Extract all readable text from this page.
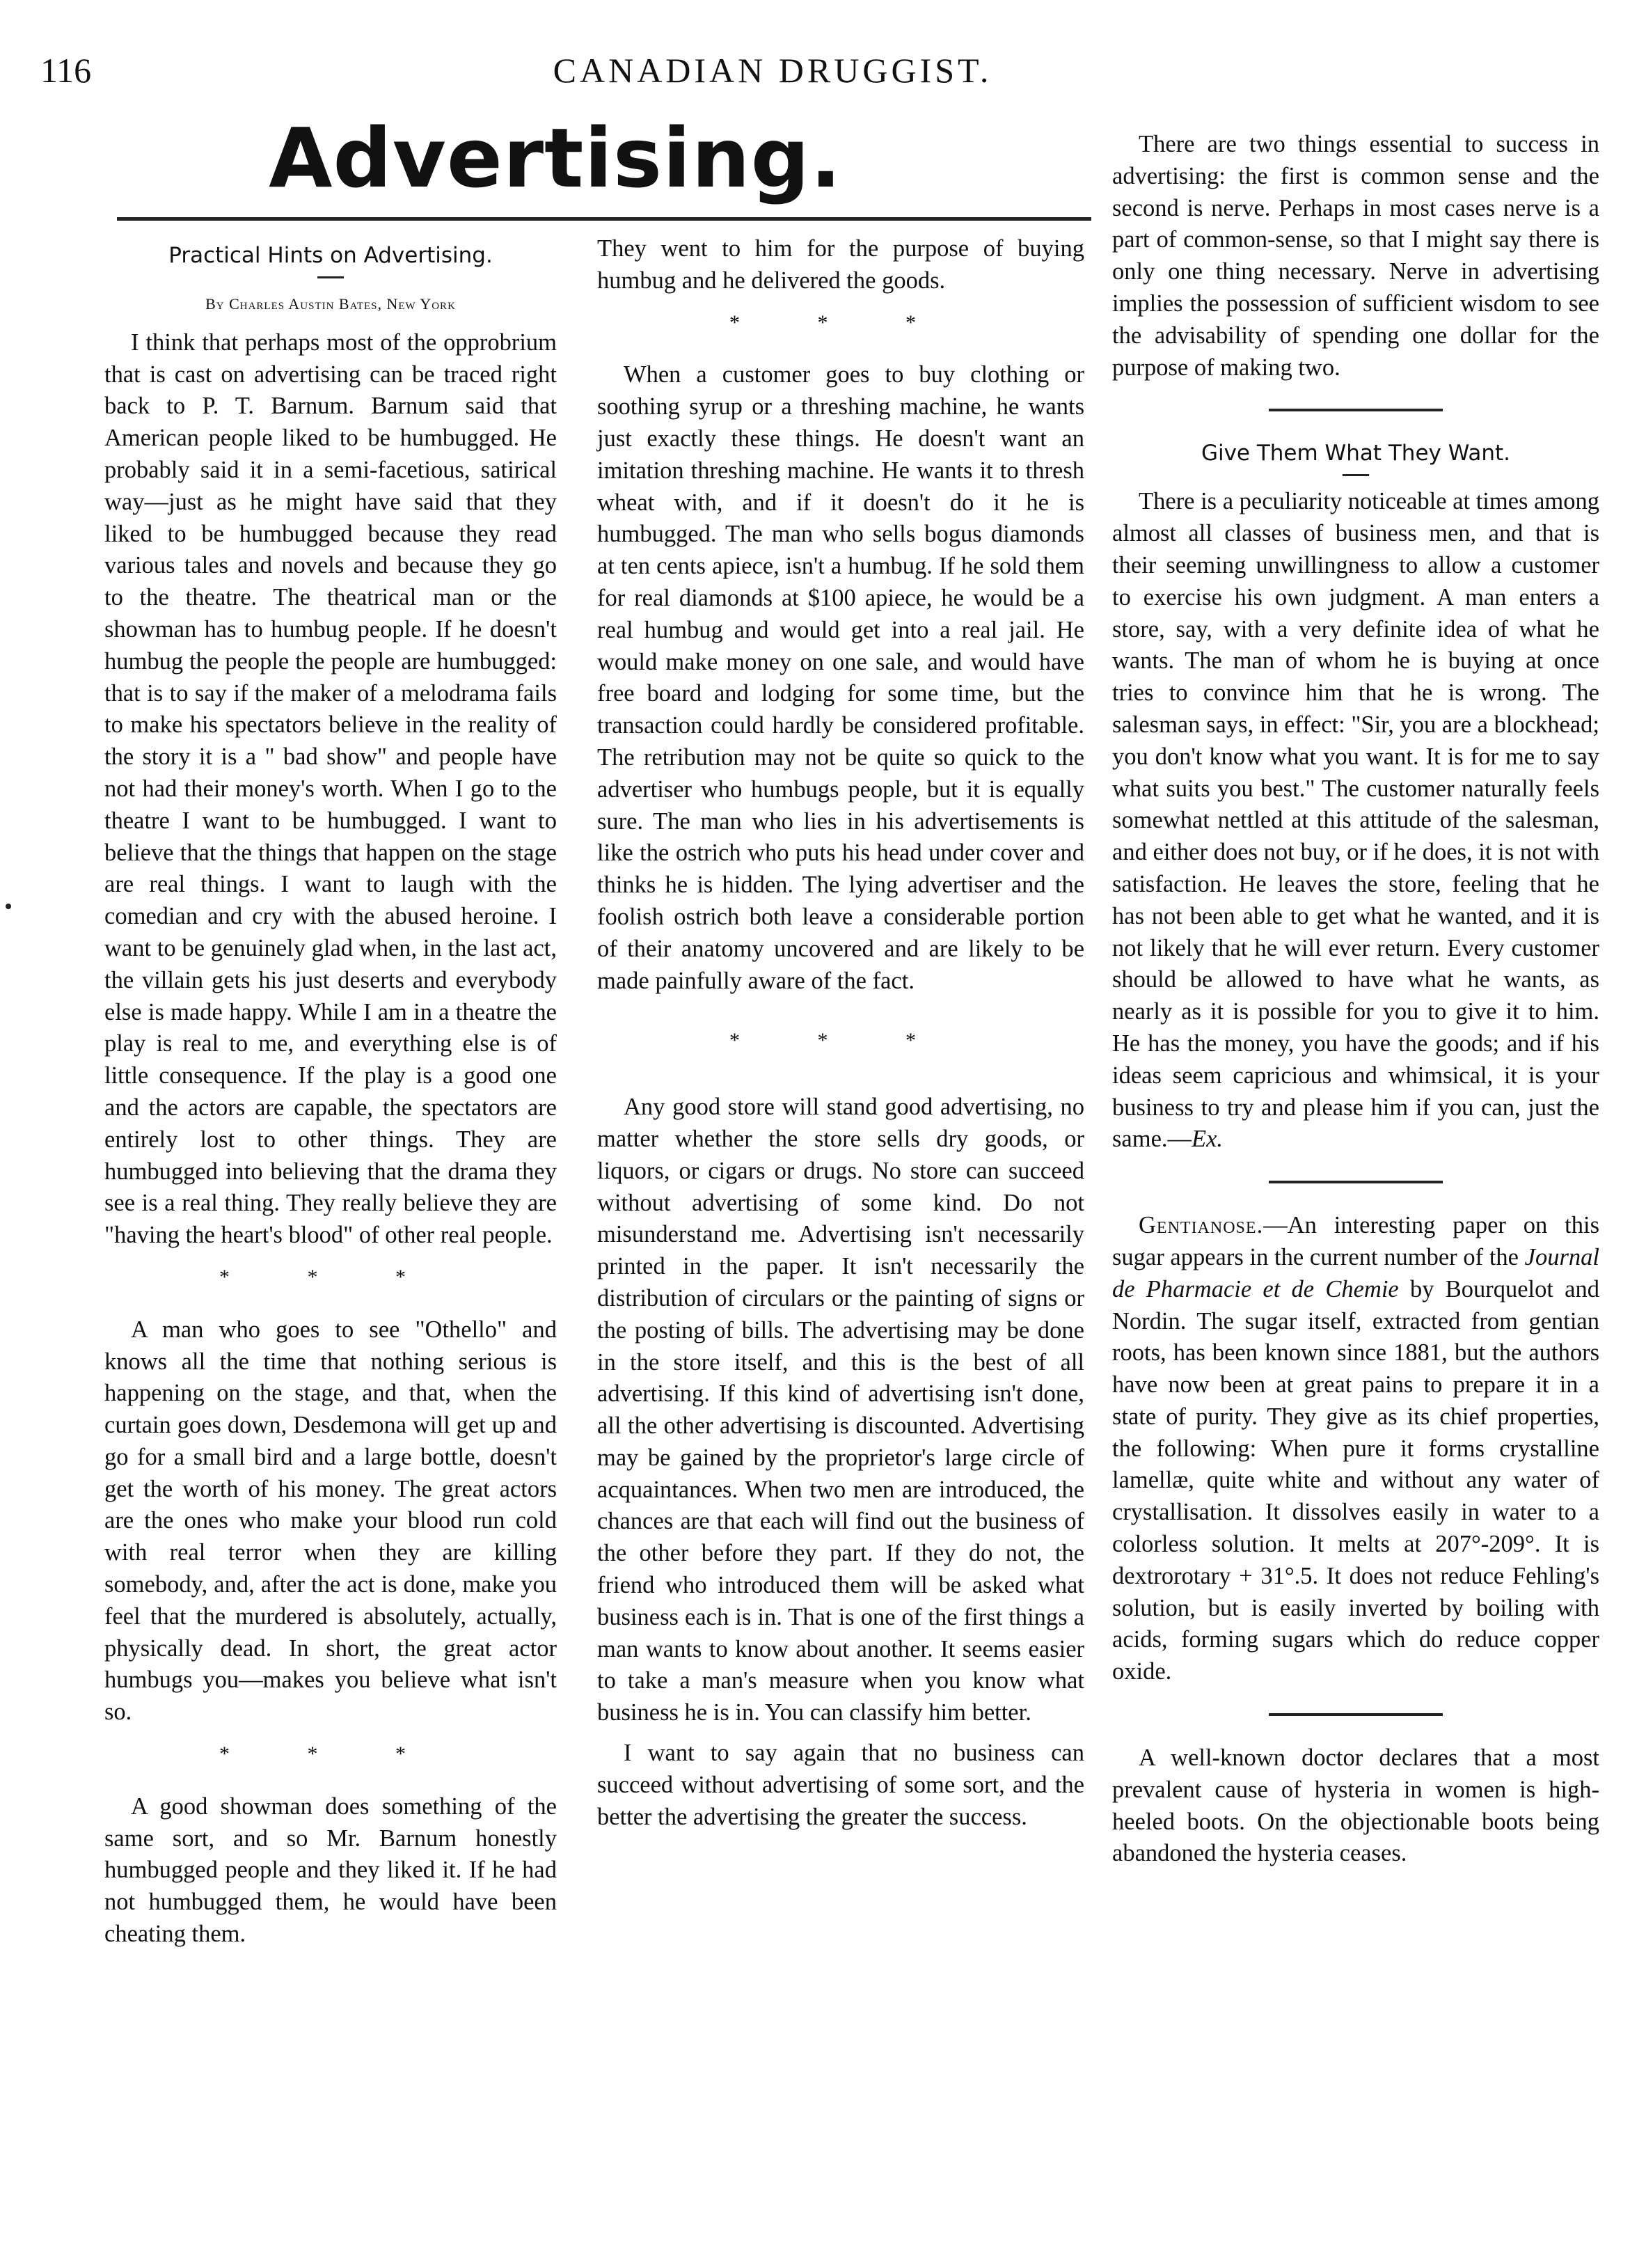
116	CANADIAN DRUGGIST.
Advertising.
Practical Hints on Advertising.
By Charles Austin Bates, New York

I think that perhaps most of the opprobrium that is cast on advertising can be traced right back to P. T. Barnum. Barnum said that American people liked to be humbugged. He probably said it in a semi-facetious, satirical way—just as he might have said that they liked to be humbugged because they read various tales and novels and because they go to the theatre. The theatrical man or the showman has to humbug people. If he doesn't humbug the people the people are humbugged: that is to say if the maker of a melodrama fails to make his spectators believe in the reality of the story it is a " bad show" and people have not had their money's worth. When I go to the theatre I want to be humbugged. I want to believe that the things that happen on the stage are real things. I want to laugh with the comedian and cry with the abused heroine. I want to be genuinely glad when, in the last act, the villain gets his just deserts and everybody else is made happy. While I am in a theatre the play is real to me, and everything else is of little consequence. If the play is a good one and the actors are capable, the spectators are entirely lost to other things. They are humbugged into believing that the drama they see is a real thing. They really believe they are "having the heart's blood" of other real people.

* * *

A man who goes to see "Othello" and knows all the time that nothing serious is happening on the stage, and that, when the curtain goes down, Desdemona will get up and go for a small bird and a large bottle, doesn't get the worth of his money. The great actors are the ones who make your blood run cold with real terror when they are killing somebody, and, after the act is done, make you feel that the murdered is absolutely, actually, physically dead. In short, the great actor humbugs you—makes you believe what isn't so.

* * *

A good showman does something of the same sort, and so Mr. Barnum honestly humbugged people and they liked it. If he had not humbugged them, he would have been cheating them.

They went to him for the purpose of buying humbug and he delivered the goods.

* * *

When a customer goes to buy clothing or soothing syrup or a threshing machine, he wants just exactly these things. He doesn't want an imitation threshing machine. He wants it to thresh wheat with, and if it doesn't do it he is humbugged. The man who sells bogus diamonds at ten cents apiece, isn't a humbug. If he sold them for real diamonds at $100 apiece, he would be a real humbug and would get into a real jail. He would make money on one sale, and would have free board and lodging for some time, but the transaction could hardly be considered profitable. The retribution may not be quite so quick to the advertiser who humbugs people, but it is equally sure. The man who lies in his advertisements is like the ostrich who puts his head under cover and thinks he is hidden. The lying advertiser and the foolish ostrich both leave a considerable portion of their anatomy uncovered and are likely to be made painfully aware of the fact.

* * *

Any good store will stand good advertising, no matter whether the store sells dry goods, or liquors, or cigars or drugs. No store can succeed without advertising of some kind. Do not misunderstand me. Advertising isn't necessarily printed in the paper. It isn't necessarily the distribution of circulars or the painting of signs or the posting of bills. The advertising may be done in the store itself, and this is the best of all advertising. If this kind of advertising isn't done, all the other advertising is discounted. Advertising may be gained by the proprietor's large circle of acquaintances. When two men are introduced, the chances are that each will find out the business of the other before they part. If they do not, the friend who introduced them will be asked what business each is in. That is one of the first things a man wants to know about another. It seems easier to take a man's measure when you know what business he is in. You can classify him better.

I want to say again that no business can succeed without advertising of some sort, and the better the advertising the greater the success.

There are two things essential to success in advertising: the first is common sense and the second is nerve. Perhaps in most cases nerve is a part of common-sense, so that I might say there is only one thing necessary. Nerve in advertising implies the possession of sufficient wisdom to see the advisability of spending one dollar for the purpose of making two.

Give Them What They Want.

There is a peculiarity noticeable at times among almost all classes of business men, and that is their seeming unwillingness to allow a customer to exercise his own judgment. A man enters a store, say, with a very definite idea of what he wants. The man of whom he is buying at once tries to convince him that he is wrong. The salesman says, in effect: "Sir, you are a blockhead; you don't know what you want. It is for me to say what suits you best." The customer naturally feels somewhat nettled at this attitude of the salesman, and either does not buy, or if he does, it is not with satisfaction. He leaves the store, feeling that he has not been able to get what he wanted, and it is not likely that he will ever return. Every customer should be allowed to have what he wants, as nearly as it is possible for you to give it to him. He has the money, you have the goods; and if his ideas seem capricious and whimsical, it is your business to try and please him if you can, just the same.—Ex.

Gentianose.—An interesting paper on this sugar appears in the current number of the Journal de Pharmacie et de Chemie by Bourquelot and Nordin. The sugar itself, extracted from gentian roots, has been known since 1881, but the authors have now been at great pains to prepare it in a state of purity. They give as its chief properties, the following: When pure it forms crystalline lamellæ, quite white and without any water of crystallisation. It dissolves easily in water to a colorless solution. It melts at 207°-209°. It is dextrorotary + 31°.5. It does not reduce Fehling's solution, but is easily inverted by boiling with acids, forming sugars which do reduce copper oxide.

A well-known doctor declares that a most prevalent cause of hysteria in women is high-heeled boots. On the objectionable boots being abandoned the hysteria ceases.
